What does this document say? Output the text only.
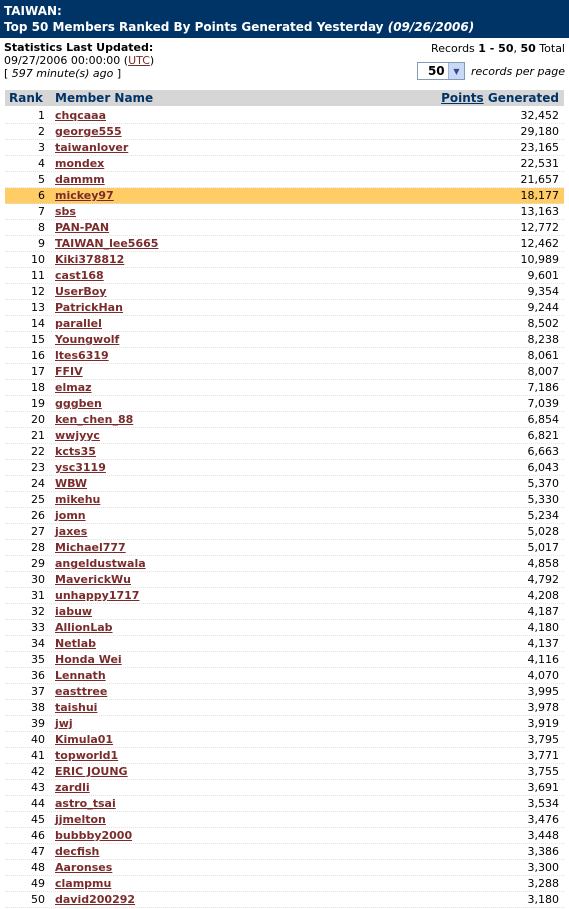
TAIWAN:
Top 50 Members Ranked By Points Generated Yesterday (09/26/2006)
Statistics Last Updated:
09/27/2006 00:00:00 (UTC)
[ 597 minute(s) ago ]
Records 1 - 50, 50 Total
50	▼	records per page
Rank	Member Name	Points Generated
1 chqcaaa	32,452
2 george555	29,180
3 taiwanlover	23,165
4 mondex	22,531
5 dammm	21,657
6 mickey97	18,177
7 sbs	13,163
8 PAN-PAN	12,772
9 TAIWAN_lee5665	12,462
10 Kiki378812	10,989
11 cast168	9,601
12 UserBoy	9,354
13 PatrickHan	9,244
14 parallel	8,502
15 Youngwolf	8,238
16 ltes6319	8,061
17 FFIV	8,007
18 elmaz	7,186
19 gggben	7,039
20 ken_chen_88	6,854
21 wwjyyc	6,821
22 kcts35	6,663
23 ysc3119	6,043
24 WBW	5,370
25 mikehu	5,330
26 jomn	5,234
27 jaxes	5,028
28 Michael777	5,017
29 angeldustwala	4,858
30 MaverickWu	4,792
31 unhappy1717	4,208
32 iabuw	4,187
33 AllionLab	4,180
34 Netlab	4,137
35 Honda Wei	4,116
36 Lennath	4,070
37 easttree	3,995
38 taishui	3,978
39 jwj	3,919
40 Kimula01	3,795
41 topworld1	3,771
42 ERIC JOUNG	3,755
43 zardli	3,691
44 astro_tsai	3,534
45 jjmelton	3,476
46 bubbby2000	3,448
47 decfish	3,386
48 Aaronses	3,300
49 clampmu	3,288
50 david200292	3,180
